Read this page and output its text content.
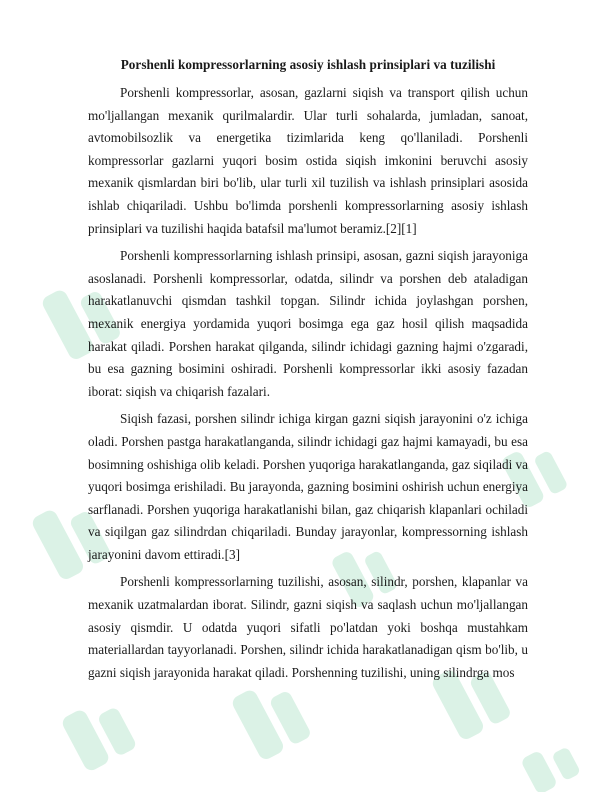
Porshenli kompressorlarning asosiy ishlash prinsiplari va tuzilishi

Porshenli kompressorlar, asosan, gazlarni siqish va transport qilish uchun mo'ljallangan mexanik qurilmalardir. Ular turli sohalarda, jumladan, sanoat, avtomobilsozlik va energetika tizimlarida keng qo'llaniladi. Porshenli kompressorlar gazlarni yuqori bosim ostida siqish imkonini beruvchi asosiy mexanik qismlardan biri bo'lib, ular turli xil tuzilish va ishlash prinsiplari asosida ishlab chiqariladi. Ushbu bo'limda porshenli kompressorlarning asosiy ishlash prinsiplari va tuzilishi haqida batafsil ma'lumot beramiz.[2][1]

Porshenli kompressorlarning ishlash prinsipi, asosan, gazni siqish jarayoniga asoslanadi. Porshenli kompressorlar, odatda, silindr va porshen deb ataladigan harakatlanuvchi qismdan tashkil topgan. Silindr ichida joylashgan porshen, mexanik energiya yordamida yuqori bosimga ega gaz hosil qilish maqsadida harakat qiladi. Porshen harakat qilganda, silindr ichidagi gazning hajmi o'zgaradi, bu esa gazning bosimini oshiradi. Porshenli kompressorlar ikki asosiy fazadan iborat: siqish va chiqarish fazalari.

Siqish fazasi, porshen silindr ichiga kirgan gazni siqish jarayonini o'z ichiga oladi. Porshen pastga harakatlanganda, silindr ichidagi gaz hajmi kamayadi, bu esa bosimning oshishiga olib keladi. Porshen yuqoriga harakatlanganda, gaz siqiladi va yuqori bosimga erishiladi. Bu jarayonda, gazning bosimini oshirish uchun energiya sarflanadi. Porshen yuqoriga harakatlanishi bilan, gaz chiqarish klapanlari ochiladi va siqilgan gaz silindrdan chiqariladi. Bunday jarayonlar, kompressorning ishlash jarayonini davom ettiradi.[3]

Porshenli kompressorlarning tuzilishi, asosan, silindr, porshen, klapanlar va mexanik uzatmalardan iborat. Silindr, gazni siqish va saqlash uchun mo'ljallangan asosiy qismdir. U odatda yuqori sifatli po'latdan yoki boshqa mustahkam materiallardan tayyorlanadi. Porshen, silindr ichida harakatlanadigan qism bo'lib, u gazni siqish jarayonida harakat qiladi. Porshenning tuzilishi, uning silindrga mos
